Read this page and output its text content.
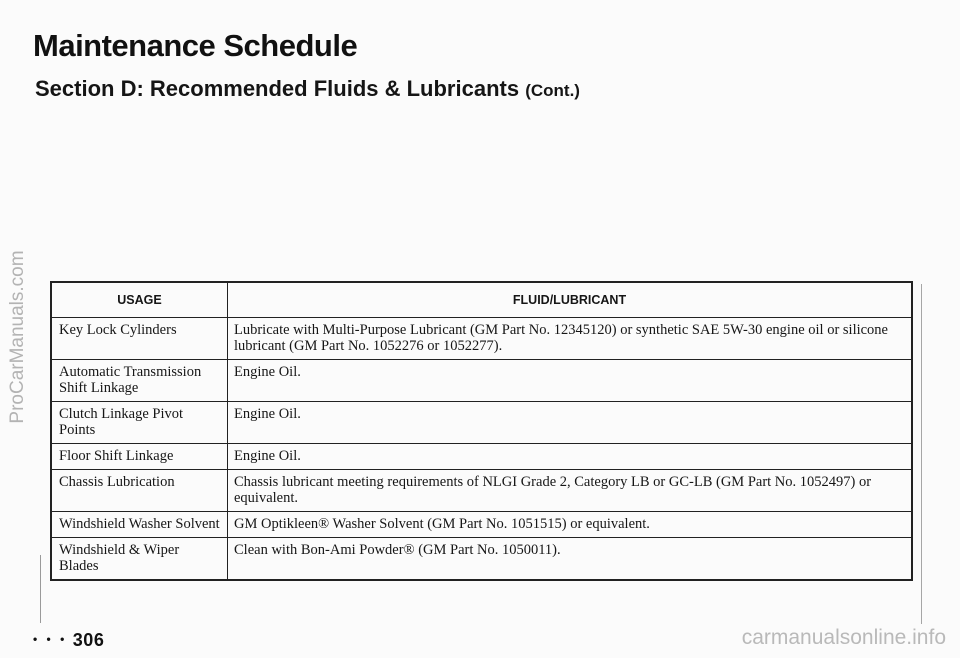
Maintenance Schedule
Section D: Recommended Fluids & Lubricants (Cont.)
ProCarManuals.com	USAGE	FLUID/LUBRICANT
Key Lock Cylinders	Lubricate with Multi-Purpose Lubricant (GM Part No. 12345120) or synthetic SAE 5W-30 engine oil or silicone lubricant (GM Part No. 1052276 or 1052277).
Automatic Transmission Shift Linkage	Engine Oil.
Clutch Linkage Pivot Points	Engine Oil.
Floor Shift Linkage	Engine Oil.
Chassis Lubrication	Chassis lubricant meeting requirements of NLGI Grade 2, Category LB or GC-LB (GM Part No. 1052497) or equivalent.
Windshield Washer Solvent	GM Optikleen® Washer Solvent (GM Part No. 1051515) or equivalent.
Windshield & Wiper Blades	Clean with Bon-Ami Powder® (GM Part No. 1050011).
• • • 306	carmanualsonline.info
